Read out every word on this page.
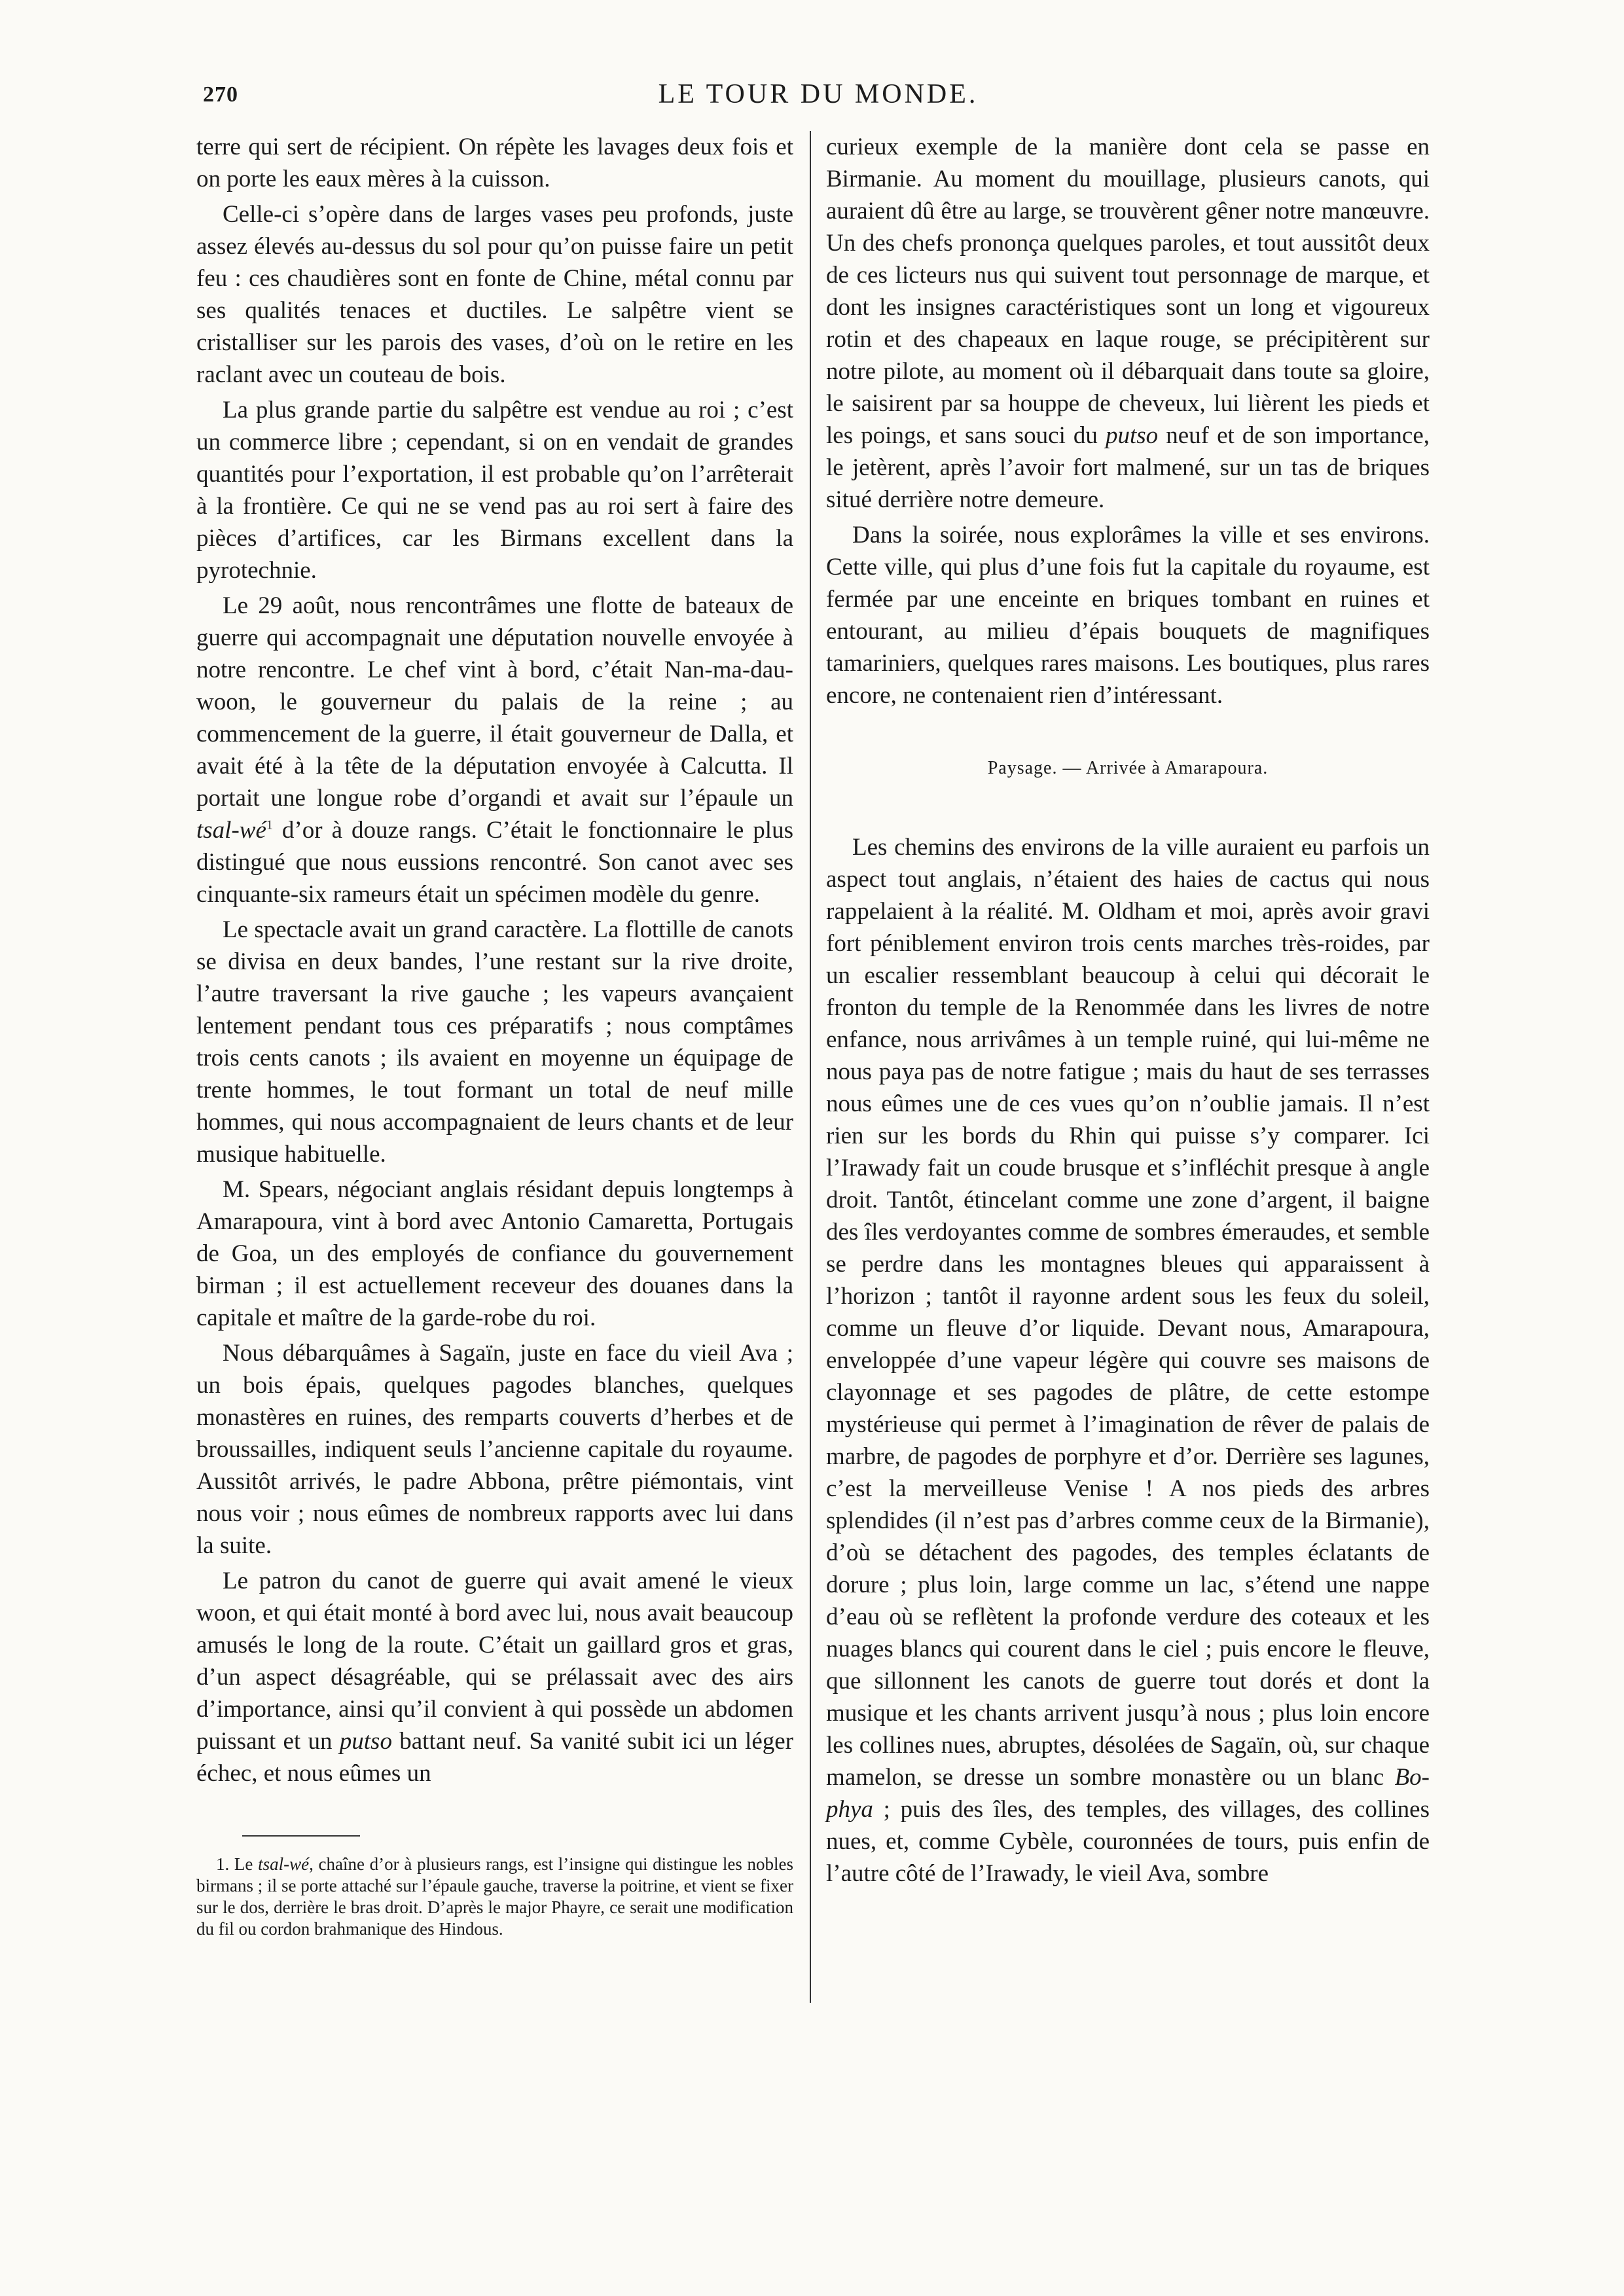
270	LE TOUR DU MONDE.

terre qui sert de récipient. On répète les lavages deux fois et on porte les eaux mères à la cuisson.

Celle-ci s’opère dans de larges vases peu profonds, juste assez élevés au-dessus du sol pour qu’on puisse faire un petit feu : ces chaudières sont en fonte de Chine, métal connu par ses qualités tenaces et ductiles. Le salpêtre vient se cristalliser sur les parois des vases, d’où on le retire en les raclant avec un couteau de bois.

La plus grande partie du salpêtre est vendue au roi ; c’est un commerce libre ; cependant, si on en vendait de grandes quantités pour l’exportation, il est probable qu’on l’arrêterait à la frontière. Ce qui ne se vend pas au roi sert à faire des pièces d’artifices, car les Birmans excellent dans la pyrotechnie.

Le 29 août, nous rencontrâmes une flotte de bateaux de guerre qui accompagnait une députation nouvelle envoyée à notre rencontre. Le chef vint à bord, c’était Nan-ma-dau-woon, le gouverneur du palais de la reine ; au commencement de la guerre, il était gouverneur de Dalla, et avait été à la tête de la députation envoyée à Calcutta. Il portait une longue robe d’organdi et avait sur l’épaule un tsal-$wé^1$ d’or à douze rangs. C’était le fonctionnaire le plus distingué que nous eussions rencontré. Son canot avec ses cinquante-six rameurs était un spécimen modèle du genre.

Le spectacle avait un grand caractère. La flottille de canots se divisa en deux bandes, l’une restant sur la rive droite, l’autre traversant la rive gauche ; les vapeurs avançaient lentement pendant tous ces préparatifs ; nous comptâmes trois cents canots ; ils avaient en moyenne un équipage de trente hommes, le tout formant un total de neuf mille hommes, qui nous accompagnaient de leurs chants et de leur musique habituelle.

M. Spears, négociant anglais résidant depuis longtemps à Amarapoura, vint à bord avec Antonio Camaretta, Portugais de Goa, un des employés de confiance du gouvernement birman ; il est actuellement receveur des douanes dans la capitale et maître de la garde-robe du roi.

Nous débarquâmes à Sagaïn, juste en face du vieil Ava ; un bois épais, quelques pagodes blanches, quelques monastères en ruines, des remparts couverts d’herbes et de broussailles, indiquent seuls l’ancienne capitale du royaume. Aussitôt arrivés, le padre Abbona, prêtre piémontais, vint nous voir ; nous eûmes de nombreux rapports avec lui dans la suite.

Le patron du canot de guerre qui avait amené le vieux woon, et qui était monté à bord avec lui, nous avait beaucoup amusés le long de la route. C’était un gaillard gros et gras, d’un aspect désagréable, qui se prélassait avec des airs d’importance, ainsi qu’il convient à qui possède un abdomen puissant et un putso battant neuf. Sa vanité subit ici un léger échec, et nous eûmes un

1. Le tsal-wé, chaîne d’or à plusieurs rangs, est l’insigne qui distingue les nobles birmans ; il se porte attaché sur l’épaule gauche, traverse la poitrine, et vient se fixer sur le dos, derrière le bras droit. D’après le major Phayre, ce serait une modification du fil ou cordon brahmanique des Hindous.

curieux exemple de la manière dont cela se passe en Birmanie. Au moment du mouillage, plusieurs canots, qui auraient dû être au large, se trouvèrent gêner notre manœuvre. Un des chefs prononça quelques paroles, et tout aussitôt deux de ces licteurs nus qui suivent tout personnage de marque, et dont les insignes caractéristiques sont un long et vigoureux rotin et des chapeaux en laque rouge, se précipitèrent sur notre pilote, au moment où il débarquait dans toute sa gloire, le saisirent par sa houppe de cheveux, lui lièrent les pieds et les poings, et sans souci du putso neuf et de son importance, le jetèrent, après l’avoir fort malmené, sur un tas de briques situé derrière notre demeure.

Dans la soirée, nous explorâmes la ville et ses environs. Cette ville, qui plus d’une fois fut la capitale du royaume, est fermée par une enceinte en briques tombant en ruines et entourant, au milieu d’épais bouquets de magnifiques tamariniers, quelques rares maisons. Les boutiques, plus rares encore, ne contenaient rien d’intéressant.

Paysage. — Arrivée à Amarapoura.

Les chemins des environs de la ville auraient eu parfois un aspect tout anglais, n’étaient des haies de cactus qui nous rappelaient à la réalité. M. Oldham et moi, après avoir gravi fort péniblement environ trois cents marches très-roides, par un escalier ressemblant beaucoup à celui qui décorait le fronton du temple de la Renommée dans les livres de notre enfance, nous arrivâmes à un temple ruiné, qui lui-même ne nous paya pas de notre fatigue ; mais du haut de ses terrasses nous eûmes une de ces vues qu’on n’oublie jamais. Il n’est rien sur les bords du Rhin qui puisse s’y comparer. Ici l’Irawady fait un coude brusque et s’infléchit presque à angle droit. Tantôt, étincelant comme une zone d’argent, il baigne des îles verdoyantes comme de sombres émeraudes, et semble se perdre dans les montagnes bleues qui apparaissent à l’horizon ; tantôt il rayonne ardent sous les feux du soleil, comme un fleuve d’or liquide. Devant nous, Amarapoura, enveloppée d’une vapeur légère qui couvre ses maisons de clayonnage et ses pagodes de plâtre, de cette estompe mystérieuse qui permet à l’imagination de rêver de palais de marbre, de pagodes de porphyre et d’or. Derrière ses lagunes, c’est la merveilleuse Venise ! A nos pieds des arbres splendides (il n’est pas d’arbres comme ceux de la Birmanie), d’où se détachent des pagodes, des temples éclatants de dorure ; plus loin, large comme un lac, s’étend une nappe d’eau où se reflètent la profonde verdure des coteaux et les nuages blancs qui courent dans le ciel ; puis encore le fleuve, que sillonnent les canots de guerre tout dorés et dont la musique et les chants arrivent jusqu’à nous ; plus loin encore les collines nues, abruptes, désolées de Sagaïn, où, sur chaque mamelon, se dresse un sombre monastère ou un blanc Bo-phya ; puis des îles, des temples, des villages, des collines nues, et, comme Cybèle, couronnées de tours, puis enfin de l’autre côté de l’Irawady, le vieil Ava, sombre
